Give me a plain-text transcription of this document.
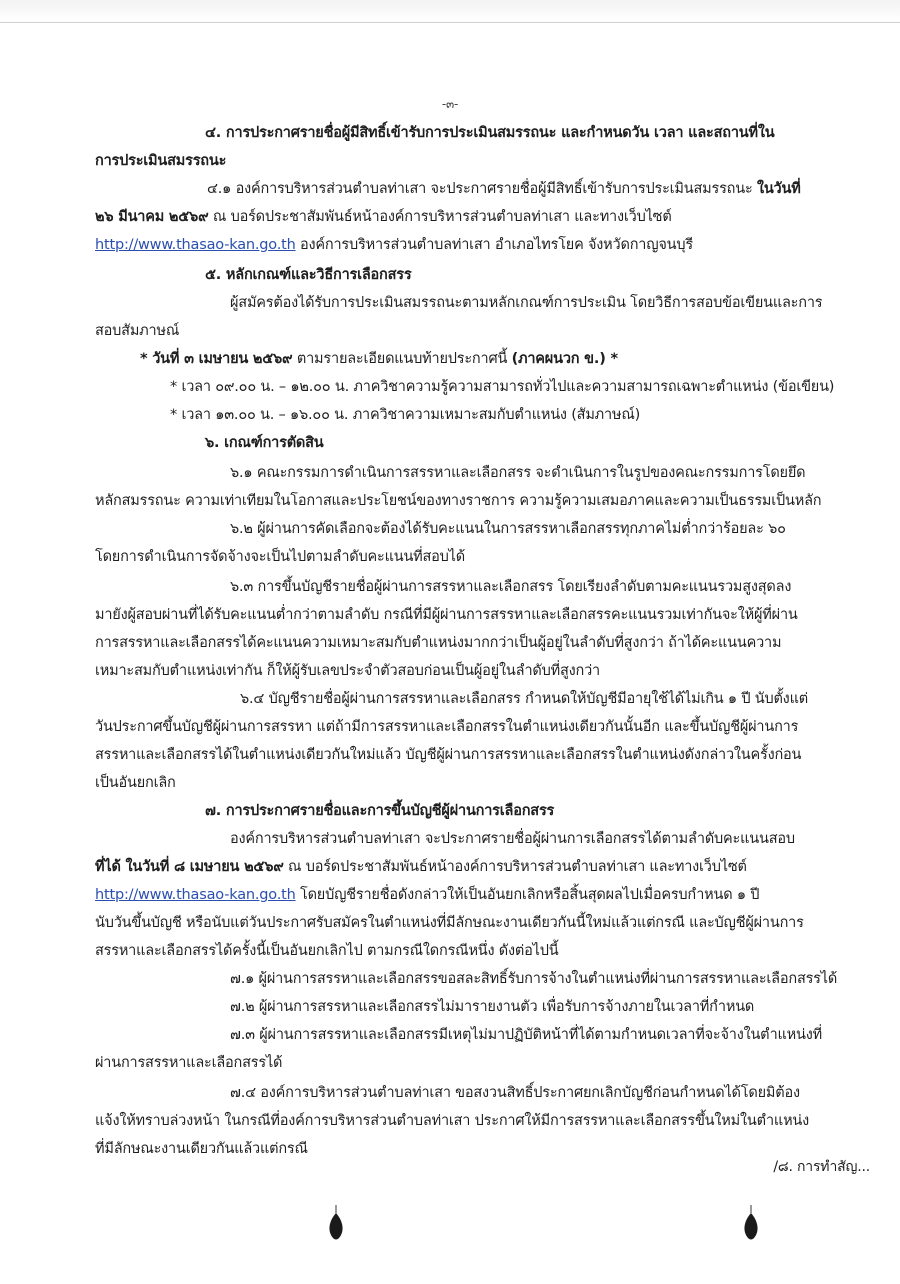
-๓-
๔. การประกาศรายชื่อผู้มีสิทธิ์เข้ารับการประเมินสมรรถนะ และกำหนดวัน เวลา และสถานที่ใน
การประเมินสมรรถนะ
๔.๑ องค์การบริหารส่วนตำบลท่าเสา จะประกาศรายชื่อผู้มีสิทธิ์เข้ารับการประเมินสมรรถนะ ในวันที่
๒๖ มีนาคม ๒๕๖๙ ณ บอร์ดประชาสัมพันธ์หน้าองค์การบริหารส่วนตำบลท่าเสา และทางเว็บไซต์
http://www.thasao-kan.go.th องค์การบริหารส่วนตำบลท่าเสา อำเภอไทรโยค จังหวัดกาญจนบุรี
๕. หลักเกณฑ์และวิธีการเลือกสรร
ผู้สมัครต้องได้รับการประเมินสมรรถนะตามหลักเกณฑ์การประเมิน โดยวิธีการสอบข้อเขียนและการ
สอบสัมภาษณ์
* วันที่ ๓ เมษายน ๒๕๖๙ ตามรายละเอียดแนบท้ายประกาศนี้ (ภาคผนวก ข.) *
* เวลา ๐๙.๐๐ น. – ๑๒.๐๐ น. ภาควิชาความรู้ความสามารถทั่วไปและความสามารถเฉพาะตำแหน่ง (ข้อเขียน)
* เวลา ๑๓.๐๐ น. – ๑๖.๐๐ น. ภาควิชาความเหมาะสมกับตำแหน่ง (สัมภาษณ์)
๖. เกณฑ์การตัดสิน
๖.๑ คณะกรรมการดำเนินการสรรหาและเลือกสรร จะดำเนินการในรูปของคณะกรรมการโดยยึด
หลักสมรรถนะ ความเท่าเทียมในโอกาสและประโยชน์ของทางราชการ ความรู้ความเสมอภาคและความเป็นธรรมเป็นหลัก
๖.๒ ผู้ผ่านการคัดเลือกจะต้องได้รับคะแนนในการสรรหาเลือกสรรทุกภาคไม่ต่ำกว่าร้อยละ ๖๐
โดยการดำเนินการจัดจ้างจะเป็นไปตามลำดับคะแนนที่สอบได้
๖.๓ การขึ้นบัญชีรายชื่อผู้ผ่านการสรรหาและเลือกสรร โดยเรียงลำดับตามคะแนนรวมสูงสุดลง
มายังผู้สอบผ่านที่ได้รับคะแนนต่ำกว่าตามลำดับ กรณีที่มีผู้ผ่านการสรรหาและเลือกสรรคะแนนรวมเท่ากันจะให้ผู้ที่ผ่าน
การสรรหาและเลือกสรรได้คะแนนความเหมาะสมกับตำแหน่งมากกว่าเป็นผู้อยู่ในลำดับที่สูงกว่า ถ้าได้คะแนนความ
เหมาะสมกับตำแหน่งเท่ากัน ก็ให้ผู้รับเลขประจำตัวสอบก่อนเป็นผู้อยู่ในลำดับที่สูงกว่า
๖.๔ บัญชีรายชื่อผู้ผ่านการสรรหาและเลือกสรร กำหนดให้บัญชีมีอายุใช้ได้ไม่เกิน ๑ ปี นับตั้งแต่
วันประกาศขึ้นบัญชีผู้ผ่านการสรรหา แต่ถ้ามีการสรรหาและเลือกสรรในตำแหน่งเดียวกันนั้นอีก และขึ้นบัญชีผู้ผ่านการ
สรรหาและเลือกสรรได้ในตำแหน่งเดียวกันใหม่แล้ว บัญชีผู้ผ่านการสรรหาและเลือกสรรในตำแหน่งดังกล่าวในครั้งก่อน
เป็นอันยกเลิก
๗. การประกาศรายชื่อและการขึ้นบัญชีผู้ผ่านการเลือกสรร
องค์การบริหารส่วนตำบลท่าเสา จะประกาศรายชื่อผู้ผ่านการเลือกสรรได้ตามลำดับคะแนนสอบ
ที่ได้ ในวันที่ ๘ เมษายน ๒๕๖๙ ณ บอร์ดประชาสัมพันธ์หน้าองค์การบริหารส่วนตำบลท่าเสา และทางเว็บไซต์
http://www.thasao-kan.go.th โดยบัญชีรายชื่อดังกล่าวให้เป็นอันยกเลิกหรือสิ้นสุดผลไปเมื่อครบกำหนด ๑ ปี
นับวันขึ้นบัญชี หรือนับแต่วันประกาศรับสมัครในตำแหน่งที่มีลักษณะงานเดียวกันนี้ใหม่แล้วแต่กรณี และบัญชีผู้ผ่านการ
สรรหาและเลือกสรรได้ครั้งนี้เป็นอันยกเลิกไป ตามกรณีใดกรณีหนึ่ง ดังต่อไปนี้
๗.๑ ผู้ผ่านการสรรหาและเลือกสรรขอสละสิทธิ์รับการจ้างในตำแหน่งที่ผ่านการสรรหาและเลือกสรรได้
๗.๒ ผู้ผ่านการสรรหาและเลือกสรรไม่มารายงานตัว เพื่อรับการจ้างภายในเวลาที่กำหนด
๗.๓ ผู้ผ่านการสรรหาและเลือกสรรมีเหตุไม่มาปฏิบัติหน้าที่ได้ตามกำหนดเวลาที่จะจ้างในตำแหน่งที่
ผ่านการสรรหาและเลือกสรรได้
๗.๔ องค์การบริหารส่วนตำบลท่าเสา ขอสงวนสิทธิ์ประกาศยกเลิกบัญชีก่อนกำหนดได้โดยมิต้อง
แจ้งให้ทราบล่วงหน้า ในกรณีที่องค์การบริหารส่วนตำบลท่าเสา ประกาศให้มีการสรรหาและเลือกสรรขึ้นใหม่ในตำแหน่ง
ที่มีลักษณะงานเดียวกันแล้วแต่กรณี
/๘. การทำสัญ...
